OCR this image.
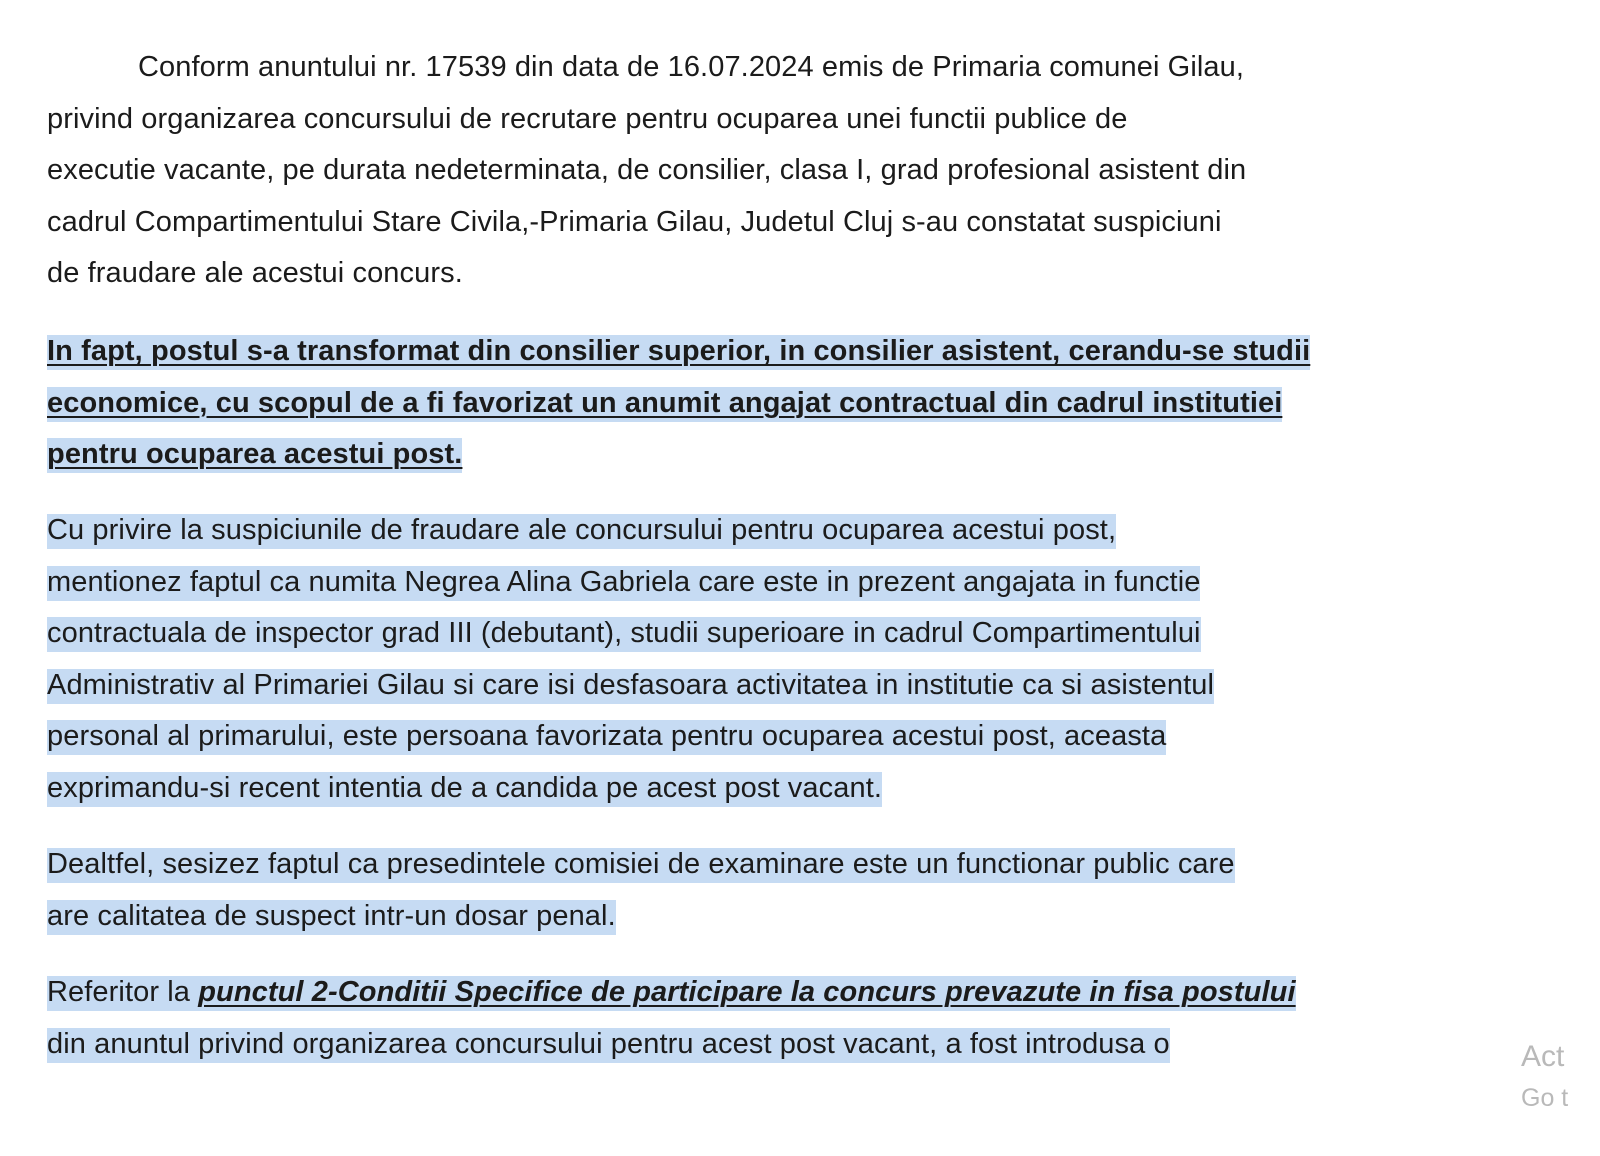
Conform anuntului nr. 17539 din data de 16.07.2024 emis de Primaria comunei Gilau,
privind organizarea concursului de recrutare pentru ocuparea unei functii publice de
executie vacante, pe durata nedeterminata, de consilier, clasa I, grad profesional asistent din
cadrul Compartimentului Stare Civila,-Primaria Gilau, Judetul Cluj s-au constatat suspiciuni
de fraudare ale acestui concurs.
In fapt, postul s-a transformat din consilier superior, in consilier asistent, cerandu-se studii
economice, cu scopul de a fi favorizat un anumit angajat contractual din cadrul institutiei
pentru ocuparea acestui post.
Cu privire la suspiciunile de fraudare ale concursului pentru ocuparea acestui post,
mentionez faptul ca numita Negrea Alina Gabriela care este in prezent angajata in functie
contractuala de inspector grad III (debutant), studii superioare in cadrul Compartimentului
Administrativ al Primariei Gilau si care isi desfasoara activitatea in institutie ca si asistentul
personal al primarului, este persoana favorizata pentru ocuparea acestui post, aceasta
exprimandu-si recent intentia de a candida pe acest post vacant.
Dealtfel, sesizez faptul ca presedintele comisiei de examinare este un functionar public care
are calitatea de suspect intr-un dosar penal.
Referitor la punctul 2-Conditii Specifice de participare la concurs prevazute in fisa postului
din anuntul privind organizarea concursului pentru acest post vacant, a fost introdusa o	Act
Go t
